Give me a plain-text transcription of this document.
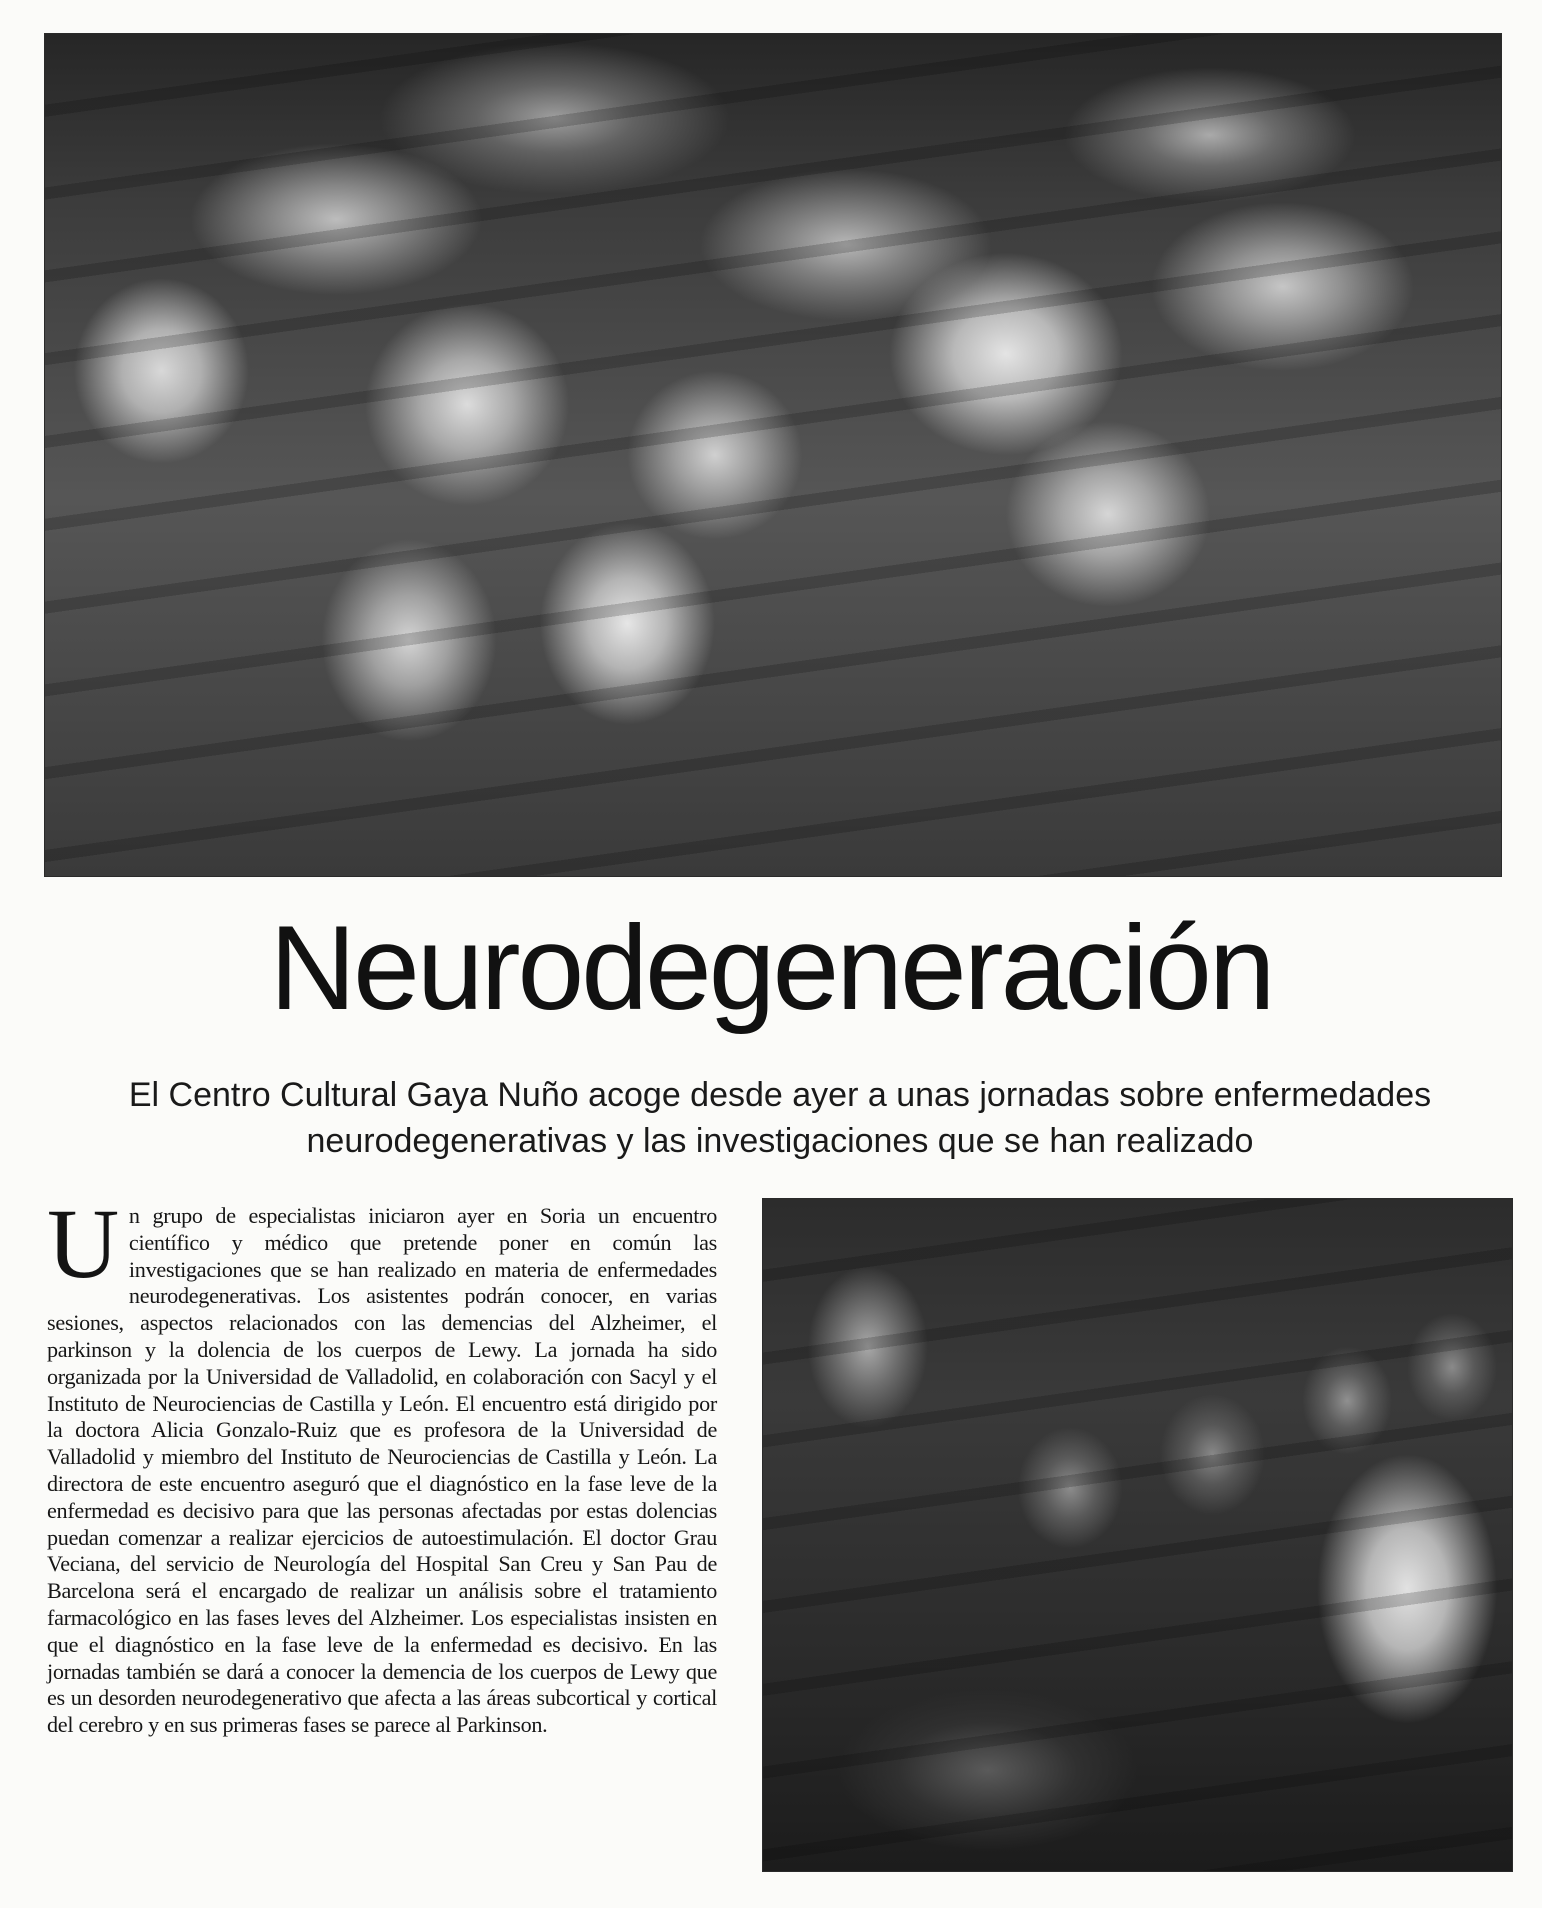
Neurodegeneración
El Centro Cultural Gaya Nuño acoge desde ayer a unas jornadas sobre enfermedades neurodegenerativas y las investigaciones que se han realizado
Un grupo de especialistas iniciaron ayer en Soria un encuentro científico y médico que pretende poner en común las investigaciones que se han realizado en materia de enfermedades neurodegenerativas. Los asistentes podrán conocer, en varias sesiones, aspectos relacionados con las demencias del Alzheimer, el parkinson y la dolencia de los cuerpos de Lewy. La jornada ha sido organizada por la Universidad de Valladolid, en colaboración con Sacyl y el Instituto de Neurociencias de Castilla y León. El encuentro está dirigido por la doctora Alicia Gonzalo-Ruiz que es profesora de la Universidad de Valladolid y miembro del Instituto de Neurociencias de Castilla y León. La directora de este encuentro aseguró que el diagnóstico en la fase leve de la enfermedad es decisivo para que las personas afectadas por estas dolencias puedan comenzar a realizar ejercicios de autoestimulación. El doctor Grau Veciana, del servicio de Neurología del Hospital San Creu y San Pau de Barcelona será el encargado de realizar un análisis sobre el tratamiento farmacológico en las fases leves del Alzheimer. Los especialistas insisten en que el diagnóstico en la fase leve de la enfermedad es decisivo. En las jornadas también se dará a conocer la demencia de los cuerpos de Lewy que es un desorden neurodegenerativo que afecta a las áreas subcortical y cortical del cerebro y en sus primeras fases se parece al Parkinson.
